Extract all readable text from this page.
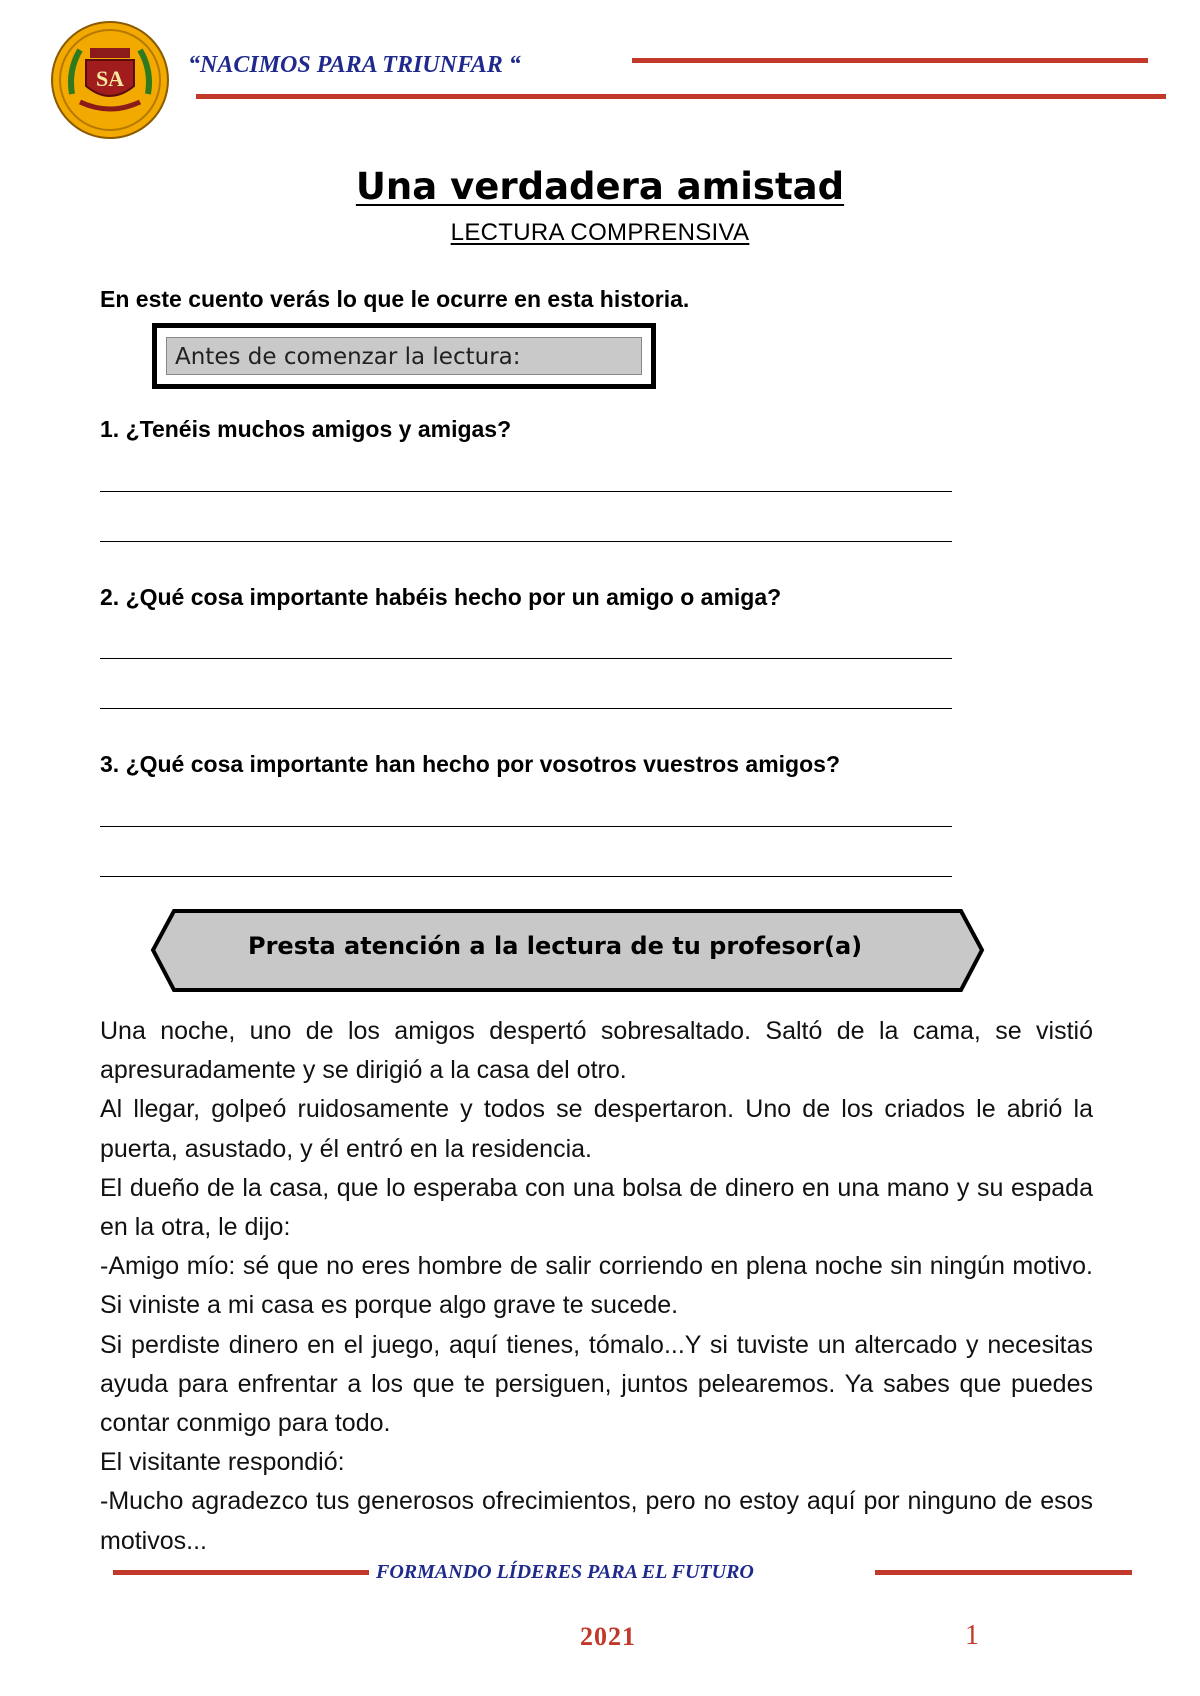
SA
“NACIMOS PARA TRIUNFAR “
Una verdadera amistad
LECTURA COMPRENSIVA
En este cuento verás lo que le ocurre en esta historia.
Antes de comenzar la lectura:
1. ¿Tenéis muchos amigos y amigas?
2. ¿Qué cosa importante habéis hecho por un amigo o amiga?
3. ¿Qué cosa importante han hecho por vosotros vuestros amigos?
Presta atención a la lectura de tu profesor(a)

Una noche, uno de los amigos despertó sobresaltado. Saltó de la cama, se vistió apresuradamente y se dirigió a la casa del otro.

Al llegar, golpeó ruidosamente y todos se despertaron. Uno de los criados le abrió la puerta, asustado, y él entró en la residencia.

El dueño de la casa, que lo esperaba con una bolsa de dinero en una mano y su espada en la otra, le dijo:

-Amigo mío: sé que no eres hombre de salir corriendo en plena noche sin ningún motivo. Si viniste a mi casa es porque algo grave te sucede.

Si perdiste dinero en el juego, aquí tienes, tómalo...Y si tuviste un altercado y necesitas ayuda para enfrentar a los que te persiguen, juntos pelearemos. Ya sabes que puedes contar conmigo para todo.

El visitante respondió:

-Mucho agradezco tus generosos ofrecimientos, pero no estoy aquí por ninguno de esos motivos...

FORMANDO LÍDERES PARA EL FUTURO
2021	1
